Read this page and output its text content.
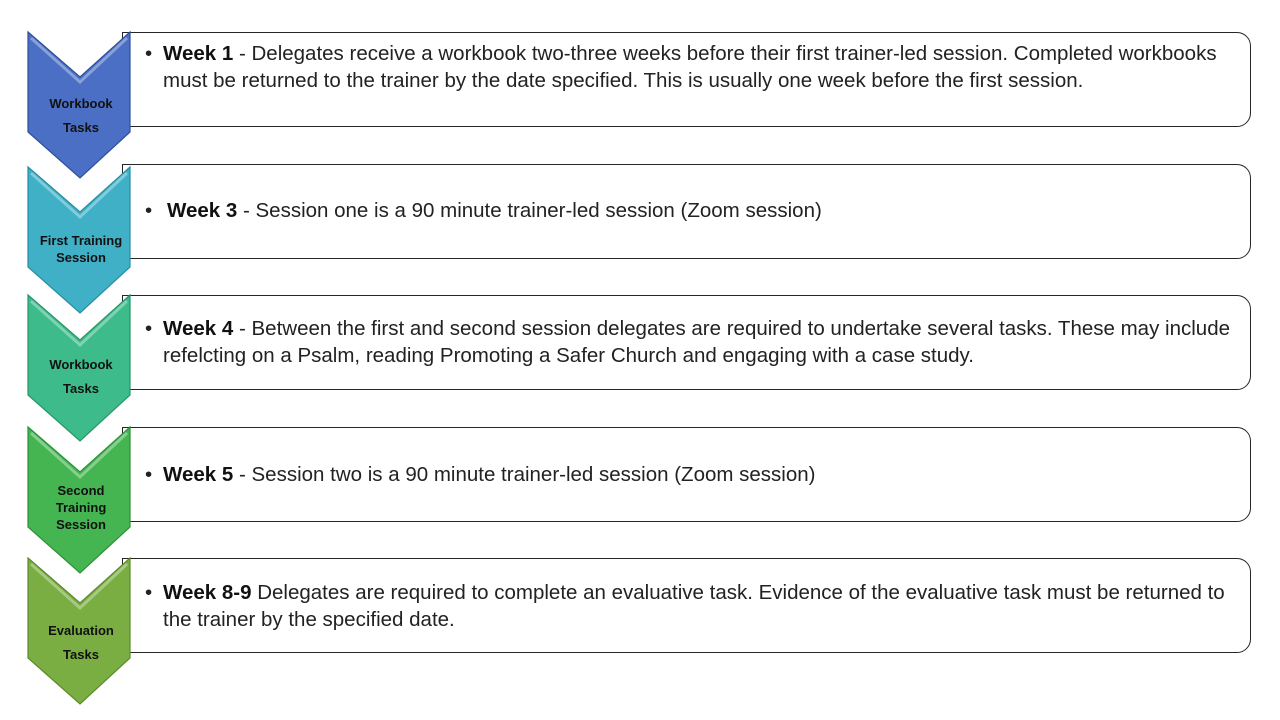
• Week 1 - Delegates receive a workbook two-three weeks before their first trainer-led session. Completed workbooks must be returned to the trainer by the date specified. This is usually one week before the first session.
Workbook
Tasks
• Week 3 - Session one is a 90 minute trainer-led session (Zoom session)
First Training
Session
• Week 4 - Between the first and second session delegates are required to undertake several tasks. These may include refelcting on a Psalm, reading Promoting a Safer Church and engaging with a case study.
Workbook
Tasks
• Week 5 - Session two is a 90 minute trainer-led session (Zoom session)
Second
Training
Session
• Week 8-9 Delegates are required to complete an evaluative task. Evidence of the evaluative task must be returned to the trainer by the specified date.
Evaluation
Tasks
